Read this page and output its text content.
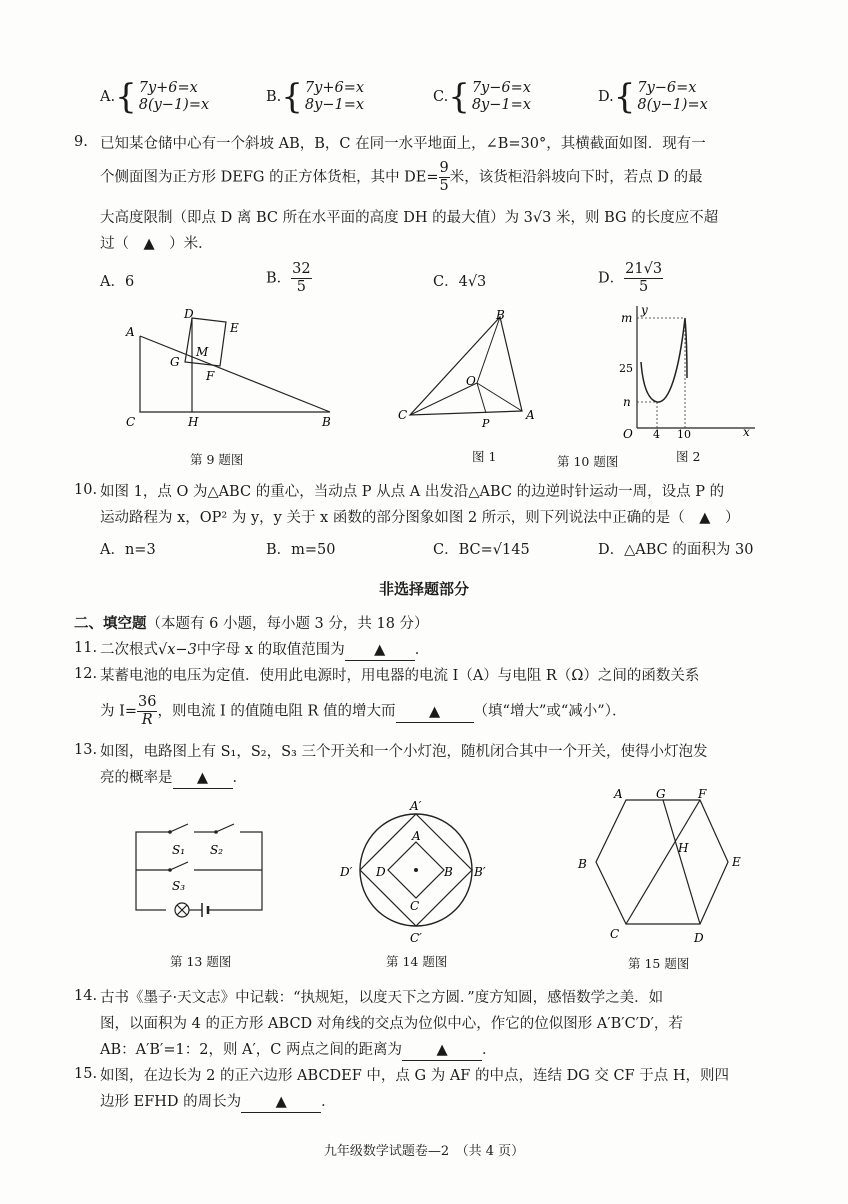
A.{ 7y+6=x
8(y−1)=x	B.{ 7y+6=x
8y−1=x	C.{ 7y−6=x
8y−1=x	D.{ 7y−6=x
8(y−1)=x
9. 已知某仓储中心有一个斜坡 AB，B，C 在同一水平地面上，∠B=30°，其横截面如图．现有一
个侧面图为正方形 DEFG 的正方体货柜，其中 $DE= \frac{9}{5}$ 米，该货柜沿斜坡向下时，若点 D 的最
大高度限制（即点 D 离 BC 所在水平面的高度 DH 的最大值）为 3√3 米，则 BG 的长度应不超
过（　▲　）米．
A．6	B． $\frac{32}{5}$	C．4√3	D． $\frac{21√3}{5}$
A
B
C
D
E
F
G
H
M
第 9 题图
B
O
C
P
A
图 1	第 10 题图
m
y
25
n
O 4 10	x
图 2
10. 如图 1，点 O 为△ABC 的重心，当动点 P 从点 A 出发沿△ABC 的边逆时针运动一周，设点 P 的
运动路程为 x，OP² 为 y，y 关于 x 函数的部分图象如图 2 所示，则下列说法中正确的是（　▲　）
A．n=3	B．m=50	C．BC=√145	D．△ABC 的面积为 30
非选择题部分
二、填空题（本题有 6 小题，每小题 3 分，共 18 分）
11. 二次根式√x−3中字母 x 的取值范围为 ▲ ．
12. 某蓄电池的电压为定值．使用此电源时，用电器的电流 I（A）与电阻 R（Ω）之间的函数关系
为 $I= \frac{36}{R}$ ，则电流 I 的值随电阻 R 值的增大而 ▲ （填“增大”或“减小”）．
13. 如图，电路图上有 S₁，S₂，S₃ 三个开关和一个小灯泡，随机闭合其中一个开关，使得小灯泡发
亮的概率是 ▲ ．
S₁ S₂
S₃
第 13 题图
A′
A
D′ D	B B′
C
C′
第 14 题图
A	G	F
H
B	E
C	D
第 15 题图
14. 古书《墨子·天文志》中记载：“执规矩，以度天下之方圆．”度方知圆，感悟数学之美．如
图，以面积为 4 的正方形 ABCD 对角线的交点为位似中心，作它的位似图形 A′B′C′D′，若
AB：A′B′=1：2，则 A′，C 两点之间的距离为 ▲ ．
15. 如图，在边长为 2 的正六边形 ABCDEF 中，点 G 为 AF 的中点，连结 DG 交 CF 于点 H，则四
边形 EFHD 的周长为 ▲ ．
九年级数学试题卷—2　（共 4 页）
